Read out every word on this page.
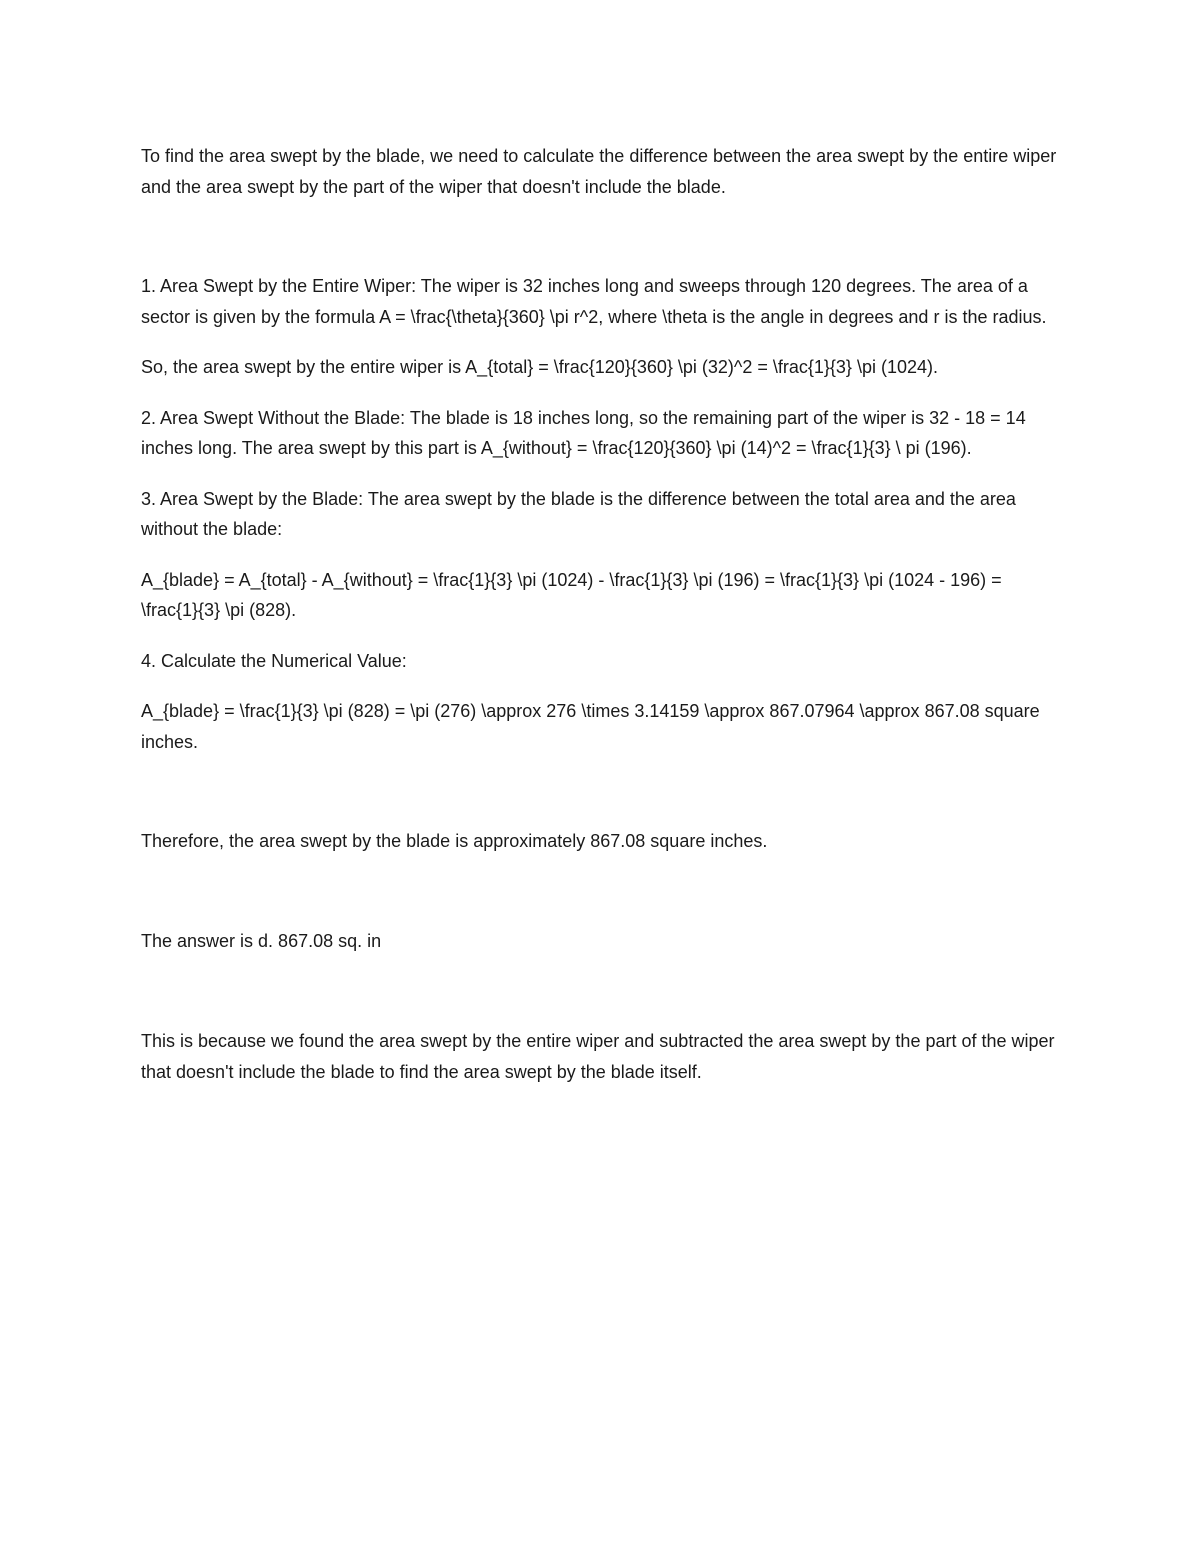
To find the area swept by the blade, we need to calculate the difference between the area swept by the entire wiper and the area swept by the part of the wiper that doesn't include the blade.

1. Area Swept by the Entire Wiper: The wiper is 32 inches long and sweeps through 120 degrees. The area of a sector is given by the formula A = \frac{\theta}{360} \pi r^2, where \theta is the angle in degrees and r is the radius.

So, the area swept by the entire wiper is A_{total} = \frac{120}{360} \pi (32)^2 = \frac{1}{3} \pi (1024).

2. Area Swept Without the Blade: The blade is 18 inches long, so the remaining part of the wiper is 32 - 18 = 14 inches long. The area swept by this part is A_{without} = \frac{120}{360} \pi (14)^2 = \frac{1}{3} \ pi (196).

3. Area Swept by the Blade: The area swept by the blade is the difference between the total area and the area without the blade:

A_{blade} = A_{total} - A_{without} = \frac{1}{3} \pi (1024) - \frac{1}{3} \pi (196) = \frac{1}{3} \pi (1024 - 196) = \frac{1}{3} \pi (828).

4. Calculate the Numerical Value:

A_{blade} = \frac{1}{3} \pi (828) = \pi (276) \approx 276 \times 3.14159 \approx 867.07964 \approx 867.08 square inches.

Therefore, the area swept by the blade is approximately 867.08 square inches.

The answer is d. 867.08 sq. in

This is because we found the area swept by the entire wiper and subtracted the area swept by the part of the wiper that doesn't include the blade to find the area swept by the blade itself.
